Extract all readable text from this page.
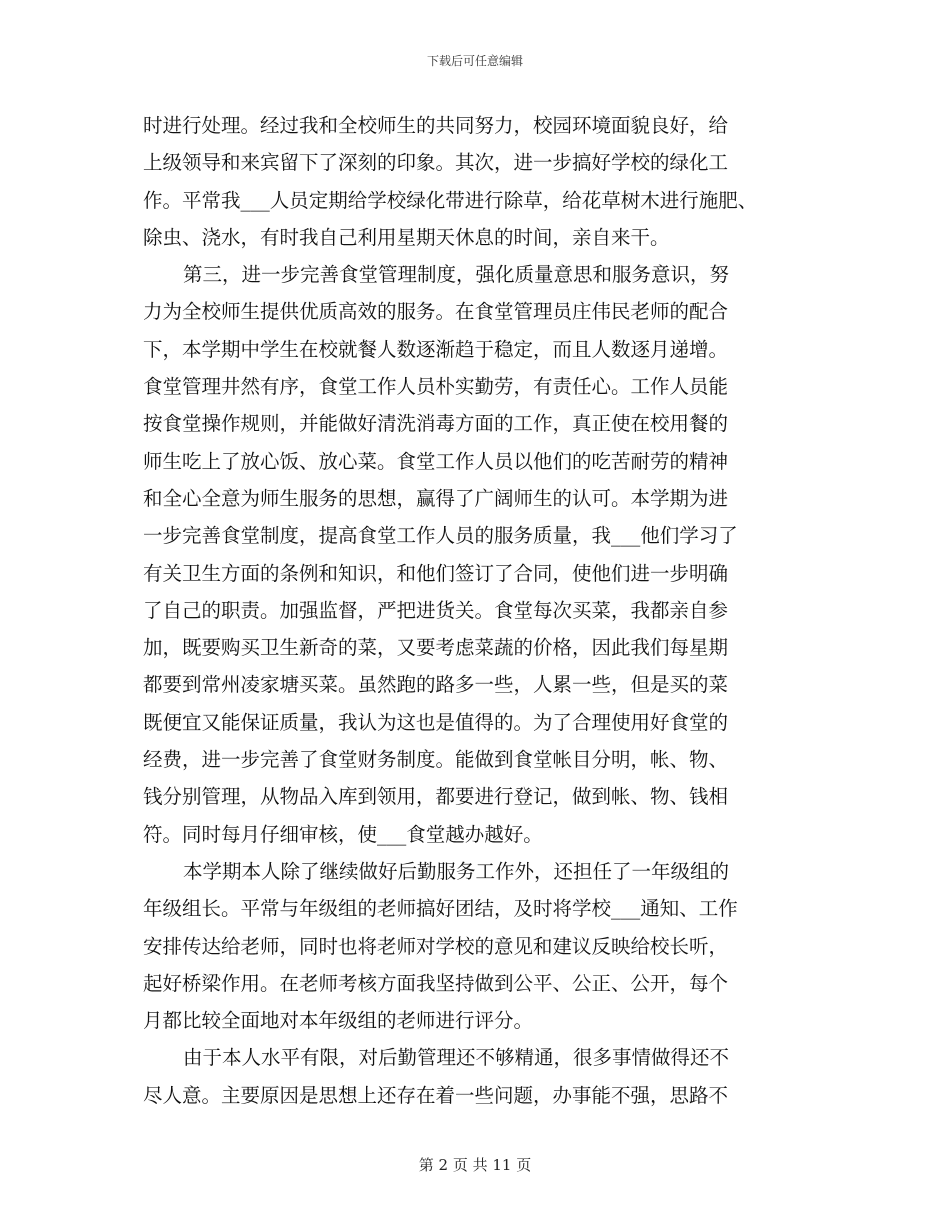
下载后可任意编辑
时进行处理。经过我和全校师生的共同努力，校园环境面貌良好，给
上级领导和来宾留下了深刻的印象。其次，进一步搞好学校的绿化工
作。平常我___人员定期给学校绿化带进行除草，给花草树木进行施肥、
除虫、浇水，有时我自己利用星期天休息的时间，亲自来干。
第三，进一步完善食堂管理制度，强化质量意思和服务意识，努
力为全校师生提供优质高效的服务。在食堂管理员庄伟民老师的配合
下，本学期中学生在校就餐人数逐渐趋于稳定，而且人数逐月递增。
食堂管理井然有序，食堂工作人员朴实勤劳，有责任心。工作人员能
按食堂操作规则，并能做好清洗消毒方面的工作，真正使在校用餐的
师生吃上了放心饭、放心菜。食堂工作人员以他们的吃苦耐劳的精神
和全心全意为师生服务的思想，赢得了广阔师生的认可。本学期为进
一步完善食堂制度，提高食堂工作人员的服务质量，我___他们学习了
有关卫生方面的条例和知识，和他们签订了合同，使他们进一步明确
了自己的职责。加强监督，严把进货关。食堂每次买菜，我都亲自参
加，既要购买卫生新奇的菜，又要考虑菜蔬的价格，因此我们每星期
都要到常州凌家塘买菜。虽然跑的路多一些，人累一些，但是买的菜
既便宜又能保证质量，我认为这也是值得的。为了合理使用好食堂的
经费，进一步完善了食堂财务制度。能做到食堂帐目分明，帐、物、
钱分别管理，从物品入库到领用，都要进行登记，做到帐、物、钱相
符。同时每月仔细审核，使___食堂越办越好。
本学期本人除了继续做好后勤服务工作外，还担任了一年级组的
年级组长。平常与年级组的老师搞好团结，及时将学校___通知、工作
安排传达给老师，同时也将老师对学校的意见和建议反映给校长听，
起好桥梁作用。在老师考核方面我坚持做到公平、公正、公开，每个
月都比较全面地对本年级组的老师进行评分。
由于本人水平有限，对后勤管理还不够精通，很多事情做得还不
尽人意。主要原因是思想上还存在着一些问题，办事能不强，思路不
第 2 页 共 11 页
